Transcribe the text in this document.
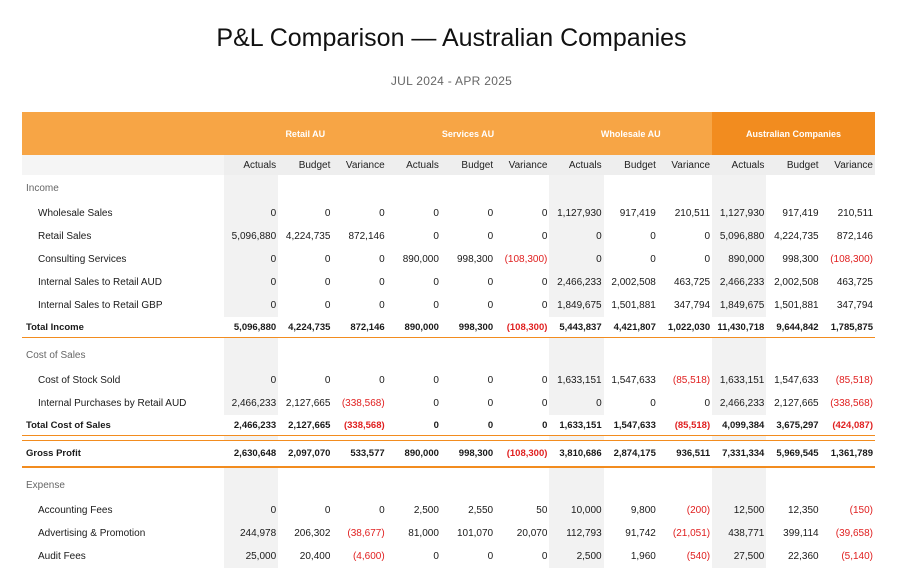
P&L Comparison — Australian Companies
JUL 2024 - APR 2025
	Retail AU			Services AU			Wholesale AU			Australian Companies		
	Actuals	Budget	Variance	Actuals	Budget	Variance	Actuals	Budget	Variance	Actuals	Budget	Variance
Income												
Wholesale Sales	0	0	0	0	0	0	1,127,930	917,419	210,511	1,127,930	917,419	210,511
Retail Sales	5,096,880	4,224,735	872,146	0	0	0	0	0	0	5,096,880	4,224,735	872,146
Consulting Services	0	0	0	890,000	998,300	(108,300)	0	0	0	890,000	998,300	(108,300)
Internal Sales to Retail AUD	0	0	0	0	0	0	2,466,233	2,002,508	463,725	2,466,233	2,002,508	463,725
Internal Sales to Retail GBP	0	0	0	0	0	0	1,849,675	1,501,881	347,794	1,849,675	1,501,881	347,794
Total Income	5,096,880	4,224,735	872,146	890,000	998,300	(108,300)	5,443,837	4,421,807	1,022,030	11,430,718	9,644,842	1,785,875

Cost of Sales												
Cost of Stock Sold	0	0	0	0	0	0	1,633,151	1,547,633	(85,518)	1,633,151	1,547,633	(85,518)
Internal Purchases by Retail AUD	2,466,233	2,127,665	(338,568)	0	0	0	0	0	0	2,466,233	2,127,665	(338,568)
Total Cost of Sales	2,466,233	2,127,665	(338,568)	0	0	0	1,633,151	1,547,633	(85,518)	4,099,384	3,675,297	(424,087)

Gross Profit	2,630,648	2,097,070	533,577	890,000	998,300	(108,300)	3,810,686	2,874,175	936,511	7,331,334	5,969,545	1,361,789

Expense												
Accounting Fees	0	0	0	2,500	2,550	50	10,000	9,800	(200)	12,500	12,350	(150)
Advertising & Promotion	244,978	206,302	(38,677)	81,000	101,070	20,070	112,793	91,742	(21,051)	438,771	399,114	(39,658)
Audit Fees	25,000	20,400	(4,600)	0	0	0	2,500	1,960	(540)	27,500	22,360	(5,140)
